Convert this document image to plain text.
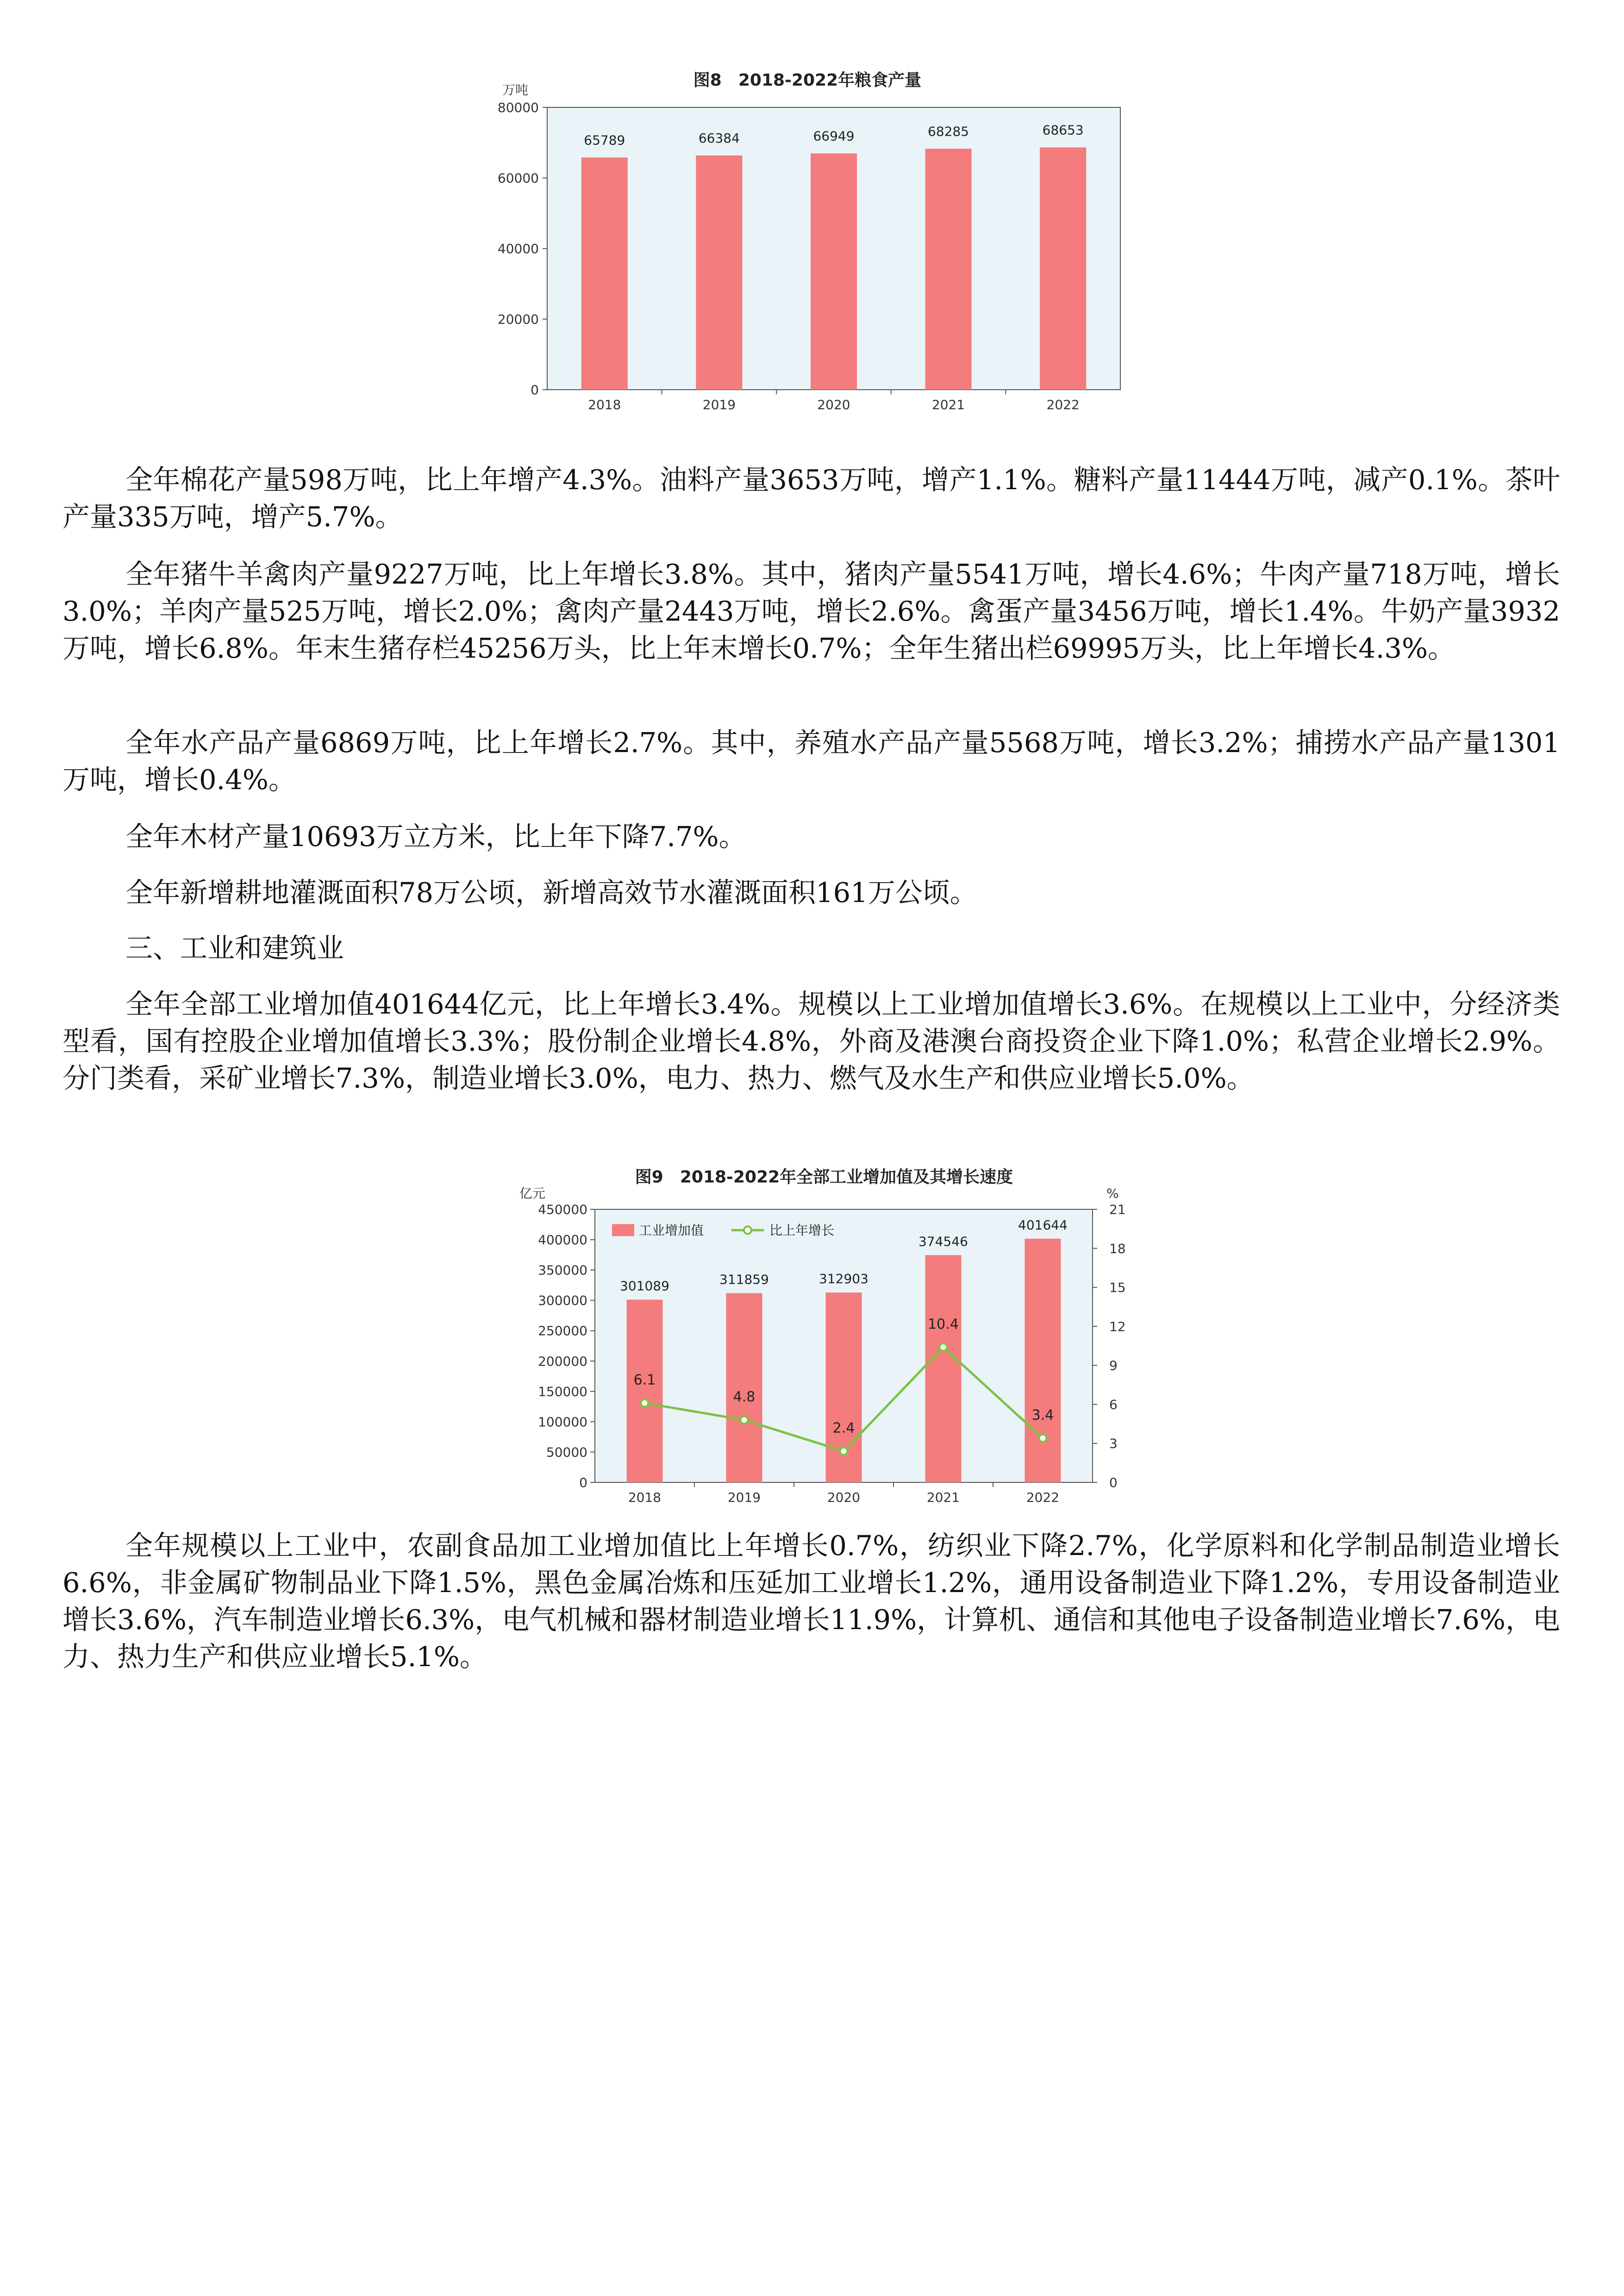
图8　2018-2022年粮食产量
万吨
0
20000
40000
60000
80000
65789	66384	66949	68285	68653
2018	2019	2020	2021	2022

全年棉花产量598万吨，比上年增产4.3%。油料产量3653万吨，增产1.1%。糖料产量11444万吨，减产0.1%。茶叶产量335万吨，增产5.7%。

全年猪牛羊禽肉产量9227万吨，比上年增长3.8%。其中，猪肉产量5541万吨，增长4.6%；牛肉产量718万吨，增长3.0%；羊肉产量525万吨，增长2.0%；禽肉产量2443万吨，增长2.6%。禽蛋产量3456万吨，增长1.4%。牛奶产量3932万吨，增长6.8%。年末生猪存栏45256万头，比上年末增长0.7%；全年生猪出栏69995万头，比上年增长4.3%。

全年水产品产量6869万吨，比上年增长2.7%。其中，养殖水产品产量5568万吨，增长3.2%；捕捞水产品产量1301万吨，增长0.4%。

全年木材产量10693万立方米，比上年下降7.7%。

全年新增耕地灌溉面积78万公顷，新增高效节水灌溉面积161万公顷。

三、工业和建筑业

全年全部工业增加值401644亿元，比上年增长3.4%。规模以上工业增加值增长3.6%。在规模以上工业中，分经济类型看，国有控股企业增加值增长3.3%；股份制企业增长4.8%，外商及港澳台商投资企业下降1.0%；私营企业增长2.9%。分门类看，采矿业增长7.3%，制造业增长3.0%，电力、热力、燃气及水生产和供应业增长5.0%。

图9　2018-2022年全部工业增加值及其增长速度
亿元	%
0
50000
100000
150000
200000
250000
300000
350000
400000
450000
0
3
6
9
12
15
18
21
301089	311859	312903
374546
401644
6.1
4.8
2.4
10.4
3.4
2018	2019	2020	2021	2022
工业增加值	比上年增长

全年规模以上工业中，农副食品加工业增加值比上年增长0.7%，纺织业下降2.7%，化学原料和化学制品制造业增长6.6%，非金属矿物制品业下降1.5%，黑色金属冶炼和压延加工业增长1.2%，通用设备制造业下降1.2%，专用设备制造业增长3.6%，汽车制造业增长6.3%，电气机械和器材制造业增长11.9%，计算机、通信和其他电子设备制造业增长7.6%，电力、热力生产和供应业增长5.1%。
